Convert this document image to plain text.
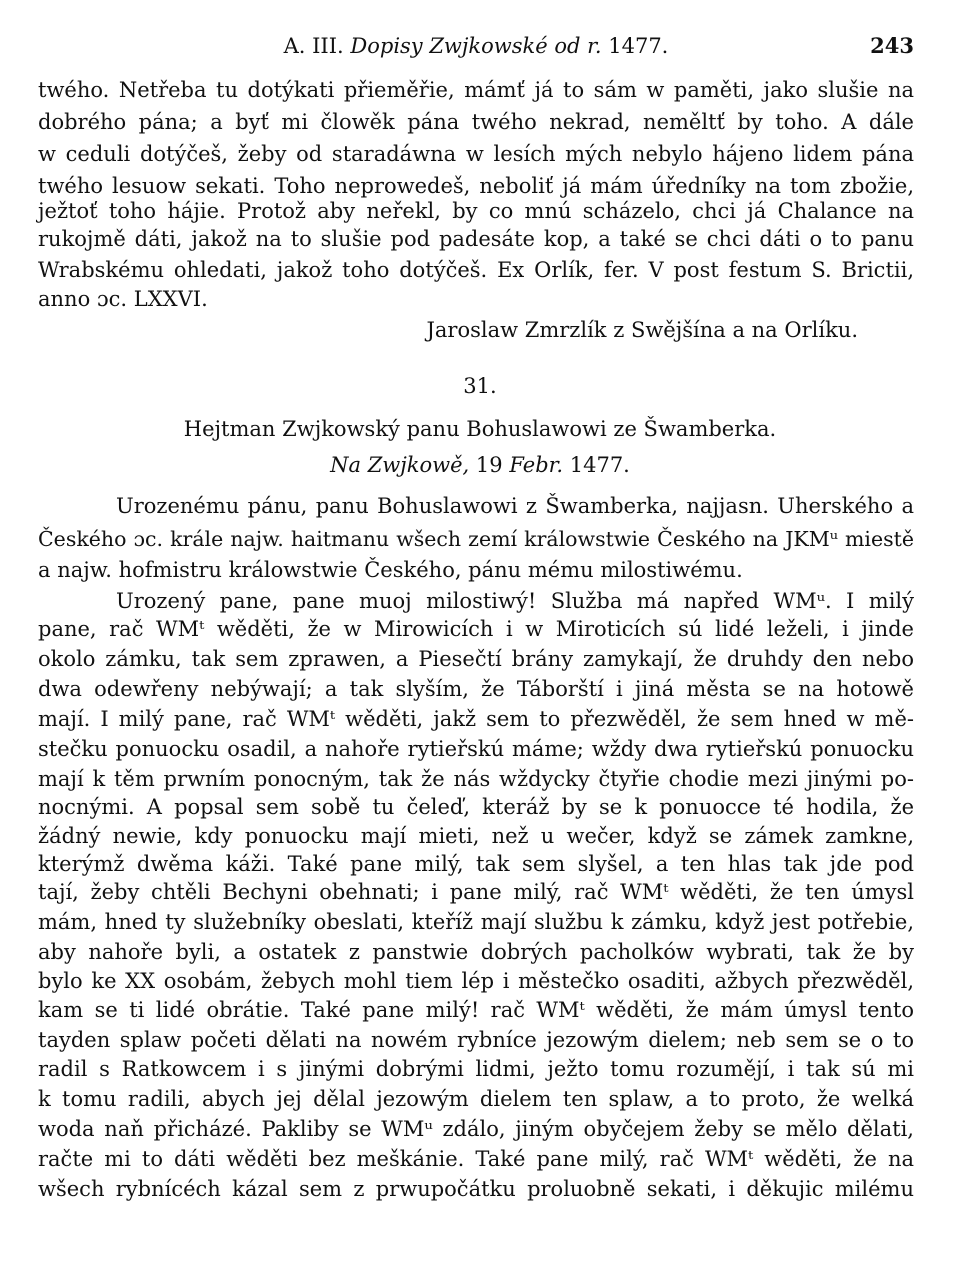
A. III. Dopisy Zwjkowské od r. 1477.	243
twého. Netřeba tu dotýkati přieměřie, mámť já to sám w paměti, jako slušie na
dobrého pána; a byť mi člowěk pána twého nekrad, neměltť by toho. A dále
w ceduli dotýčeš, žeby od staradáwna w lesích mých nebylo hájeno lidem pána
twého lesuow sekati. Toho neprowedeš, neboliť já mám úředníky na tom zbožie,
ježtoť toho hájie. Protož aby neřekl, by co mnú scházelo, chci já Chalance na
rukojmě dáti, jakož na to slušie pod padesáte kop, a také se chci dáti o to panu
Wrabskému ohledati, jakož toho dotýčeš. Ex Orlík, fer. V post festum S. Brictii,
anno ɔc. LXXVI.
Jaroslaw Zmrzlík z Swějšína a na Orlíku.
31.
Hejtman Zwjkowský panu Bohuslawowi ze Šwamberka.
Na Zwjkowě, 19 Febr. 1477.
Urozenému pánu, panu Bohuslawowi z Šwamberka, najjasn. Uherského a
Českého ɔc. krále najw. haitmanu wšech zemí králowstwie Českého na JKMᵘ miestě
a najw. hofmistru králowstwie Českého, pánu mému milostiwému.
Urozený pane, pane muoj milostiwý! Služba má napřed WMᵘ. I milý
pane, rač WMᵗ wěděti, že w Mirowicích i w Miroticích sú lidé leželi, i jinde
okolo zámku, tak sem zprawen, a Piesečtí brány zamykají, že druhdy den nebo
dwa odewřeny nebýwají; a tak slyším, že Táborští i jiná města se na hotowě
mají. I milý pane, rač WMᵗ wěděti, jakž sem to přezwěděl, že sem hned w mě-
stečku ponuocku osadil, a nahoře rytieřskú máme; wždy dwa rytieřskú ponuocku
mají k těm prwním ponocným, tak že nás wždycky čtyřie chodie mezi jinými po-
nocnými. A popsal sem sobě tu čeleď, kteráž by se k ponuocce té hodila, že
žádný newie, kdy ponuocku mají mieti, než u wečer, když se zámek zamkne,
kterýmž dwěma káži. Také pane milý, tak sem slyšel, a ten hlas tak jde pod
tají, žeby chtěli Bechyni obehnati; i pane milý, rač WMᵗ wěděti, že ten úmysl
mám, hned ty služebníky obeslati, kteříž mají službu k zámku, když jest potřebie,
aby nahoře byli, a ostatek z panstwie dobrých pacholków wybrati, tak že by
bylo ke XX osobám, žebych mohl tiem lép i městečko osaditi, ažbych přezwěděl,
kam se ti lidé obrátie. Také pane milý! rač WMᵗ wěděti, že mám úmysl tento
tayden splaw početi dělati na nowém rybníce jezowým dielem; neb sem se o to
radil s Ratkowcem i s jinými dobrými lidmi, ježto tomu rozumějí, i tak sú mi
k tomu radili, abych jej dělal jezowým dielem ten splaw, a to proto, že welká
woda naň přicházé. Pakliby se WMᵘ zdálo, jiným obyčejem žeby se mělo dělati,
račte mi to dáti wěděti bez meškánie. Také pane milý, rač WMᵗ wěděti, že na
wšech rybnícéch kázal sem z prwupočátku proluobně sekati, i děkujic milému
